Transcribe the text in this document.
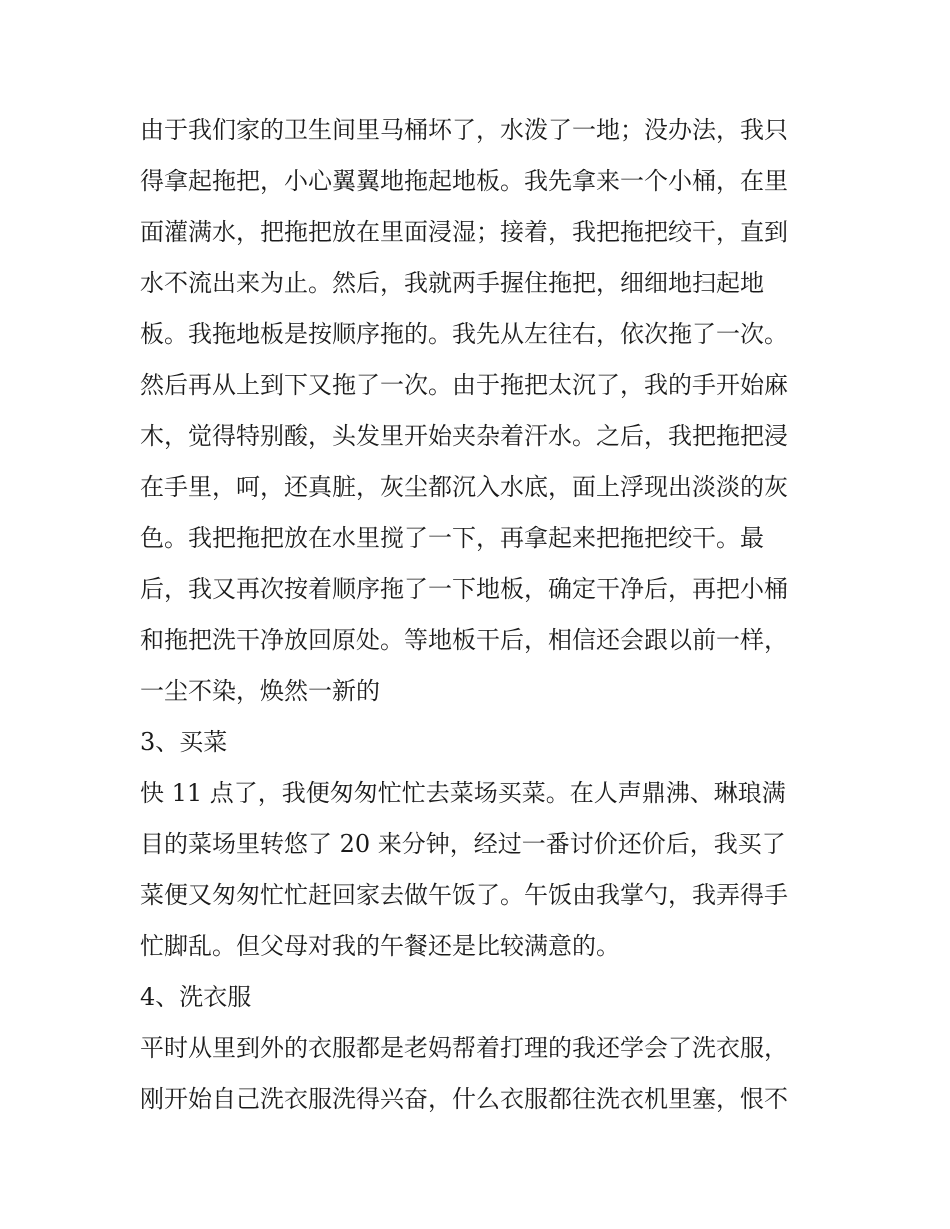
由于我们家的卫生间里马桶坏了，水泼了一地；没办法，我只
得拿起拖把，小心翼翼地拖起地板。我先拿来一个小桶，在里
面灌满水，把拖把放在里面浸湿；接着，我把拖把绞干，直到
水不流出来为止。然后，我就两手握住拖把，细细地扫起地
板。我拖地板是按顺序拖的。我先从左往右，依次拖了一次。
然后再从上到下又拖了一次。由于拖把太沉了，我的手开始麻
木，觉得特别酸，头发里开始夹杂着汗水。之后，我把拖把浸
在手里，呵，还真脏，灰尘都沉入水底，面上浮现出淡淡的灰
色。我把拖把放在水里搅了一下，再拿起来把拖把绞干。最
后，我又再次按着顺序拖了一下地板，确定干净后，再把小桶
和拖把洗干净放回原处。等地板干后，相信还会跟以前一样，
一尘不染，焕然一新的
3、买菜
快 11 点了，我便匆匆忙忙去菜场买菜。在人声鼎沸、琳琅满
目的菜场里转悠了 20 来分钟，经过一番讨价还价后，我买了
菜便又匆匆忙忙赶回家去做午饭了。午饭由我掌勺，我弄得手
忙脚乱。但父母对我的午餐还是比较满意的。
4、洗衣服
平时从里到外的衣服都是老妈帮着打理的我还学会了洗衣服，
刚开始自己洗衣服洗得兴奋，什么衣服都往洗衣机里塞，恨不
